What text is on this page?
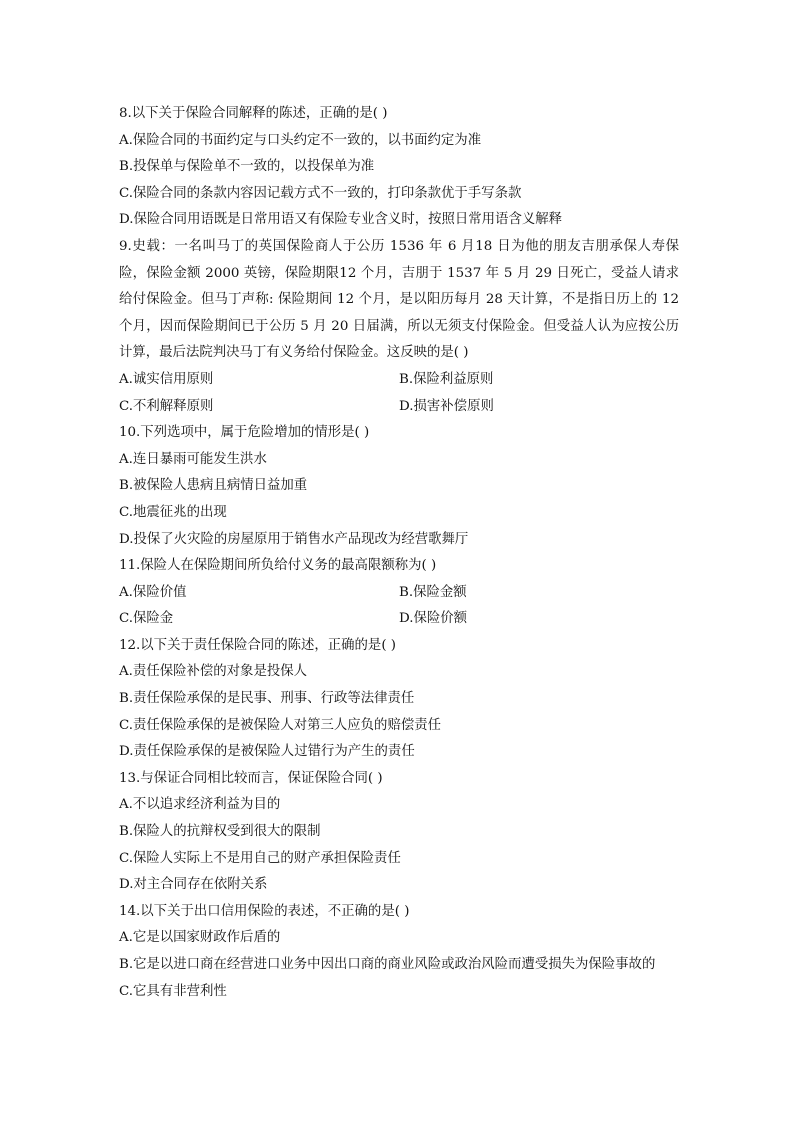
8.以下关于保险合同解释的陈述，正确的是( )
A.保险合同的书面约定与口头约定不一致的，以书面约定为准
B.投保单与保险单不一致的，以投保单为准
C.保险合同的条款内容因记载方式不一致的，打印条款优于手写条款
D.保险合同用语既是日常用语又有保险专业含义时，按照日常用语含义解释
9.史载：一名叫马丁的英国保险商人于公历 1536 年 6 月18 日为他的朋友吉朋承保人寿保险，保险金额 2000 英镑，保险期限12 个月，吉朋于 1537 年 5 月 29 日死亡，受益人请求给付保险金。但马丁声称: 保险期间 12 个月，是以阳历每月 28 天计算，不是指日历上的 12 个月，因而保险期间已于公历 5 月 20 日届满，所以无须支付保险金。但受益人认为应按公历计算，最后法院判决马丁有义务给付保险金。这反映的是( )
A.诚实信用原则	B.保险利益原则
C.不利解释原则	D.损害补偿原则
10.下列选项中，属于危险增加的情形是( )
A.连日暴雨可能发生洪水
B.被保险人患病且病情日益加重
C.地震征兆的出现
D.投保了火灾险的房屋原用于销售水产品现改为经营歌舞厅
11.保险人在保险期间所负给付义务的最高限额称为( )
A.保险价值	B.保险金额
C.保险金	D.保险价额
12.以下关于责任保险合同的陈述，正确的是( )
A.责任保险补偿的对象是投保人
B.责任保险承保的是民事、刑事、行政等法律责任
C.责任保险承保的是被保险人对第三人应负的赔偿责任
D.责任保险承保的是被保险人过错行为产生的责任
13.与保证合同相比较而言，保证保险合同( )
A.不以追求经济利益为目的
B.保险人的抗辩权受到很大的限制
C.保险人实际上不是用自己的财产承担保险责任
D.对主合同存在依附关系
14.以下关于出口信用保险的表述，不正确的是( )
A.它是以国家财政作后盾的
B.它是以进口商在经营进口业务中因出口商的商业风险或政治风险而遭受损失为保险事故的
C.它具有非营利性
